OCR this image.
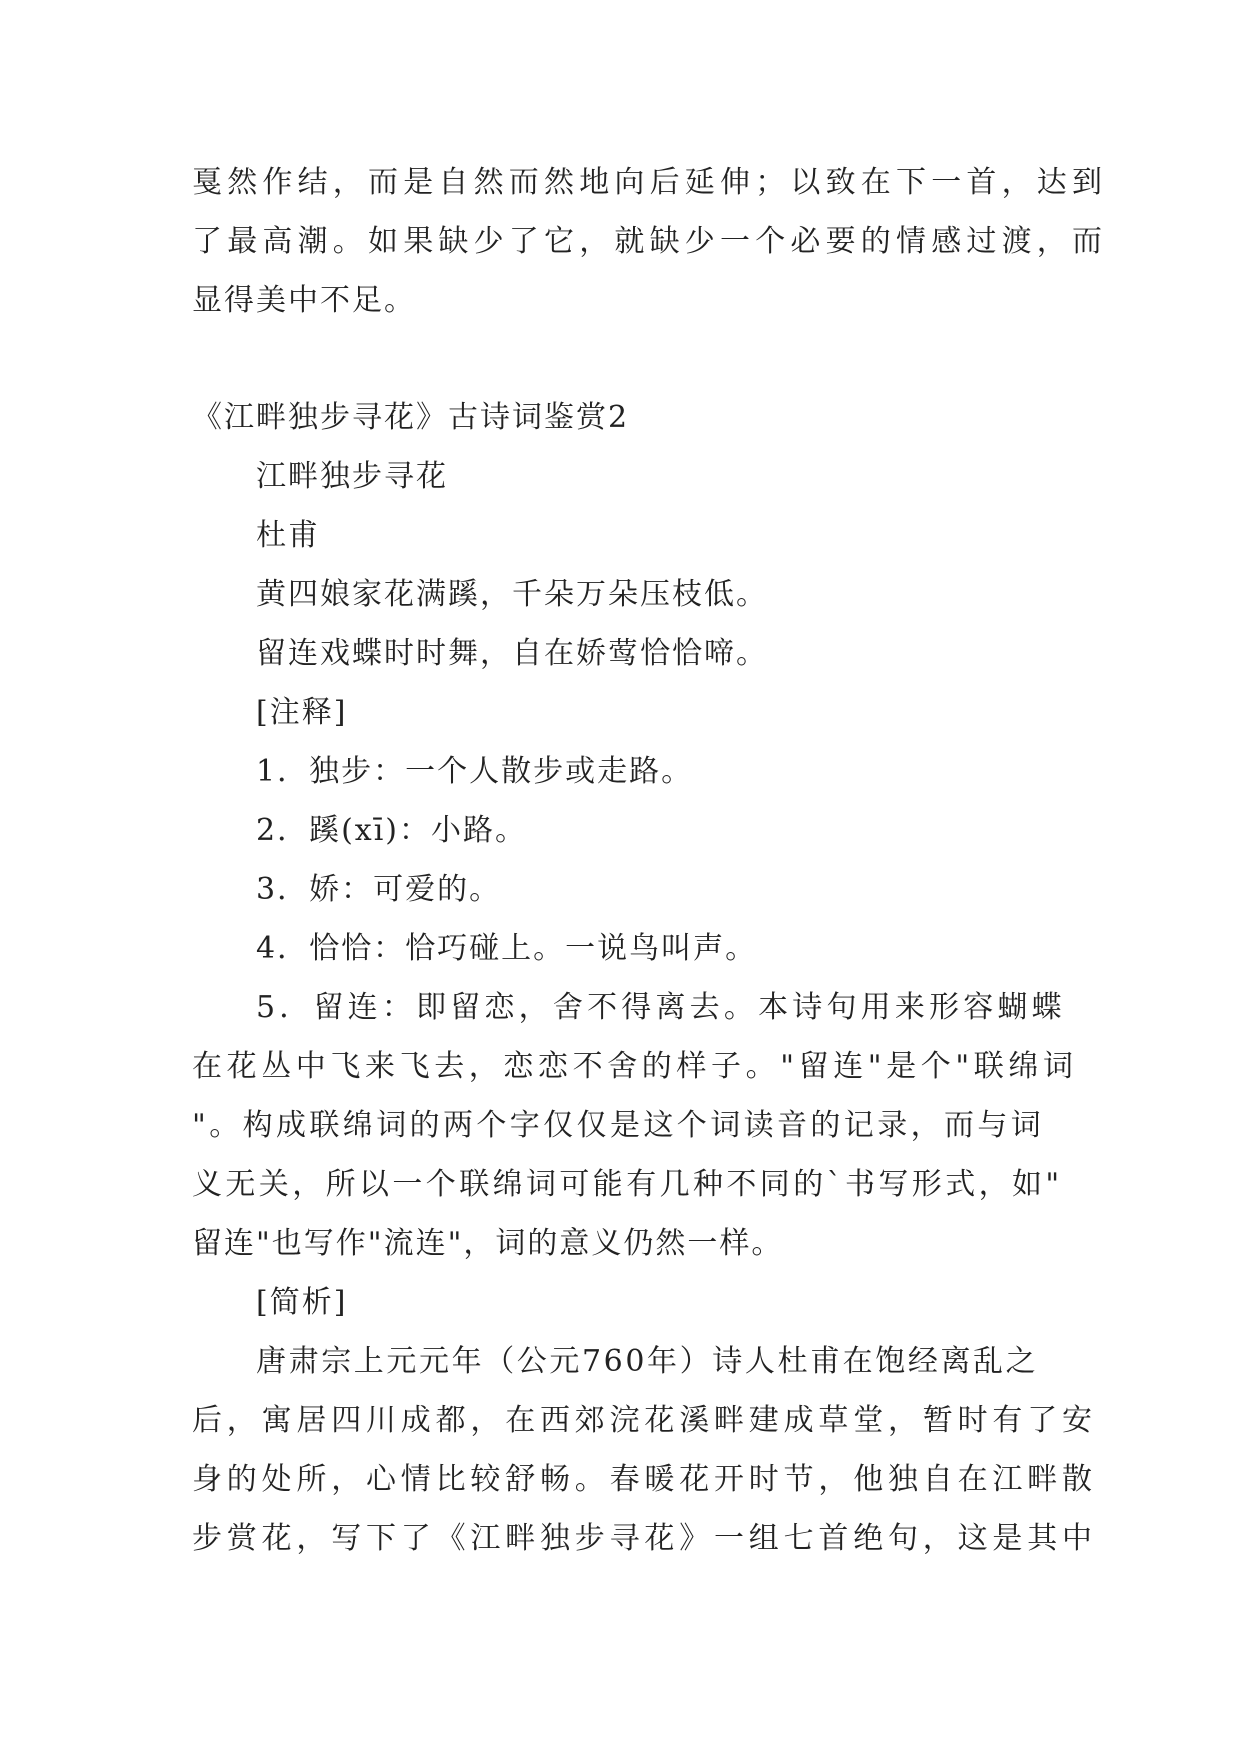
戛然作结，而是自然而然地向后延伸；以致在下一首，达到
了最高潮。如果缺少了它，就缺少一个必要的情感过渡，而
显得美中不足。
《江畔独步寻花》古诗词鉴赏2
江畔独步寻花
杜甫
黄四娘家花满蹊，千朵万朵压枝低。
留连戏蝶时时舞，自在娇莺恰恰啼。
[注释]
1．独步：一个人散步或走路。
2．蹊(xī)：小路。
3．娇：可爱的。
4．恰恰：恰巧碰上。一说鸟叫声。
5．留连：即留恋，舍不得离去。本诗句用来形容蝴蝶
在花丛中飞来飞去，恋恋不舍的样子。"留连"是个"联绵词
"。构成联绵词的两个字仅仅是这个词读音的记录，而与词
义无关，所以一个联绵词可能有几种不同的`书写形式，如"
留连"也写作"流连"，词的意义仍然一样。
[简析]
唐肃宗上元元年（公元760年）诗人杜甫在饱经离乱之
后，寓居四川成都，在西郊浣花溪畔建成草堂，暂时有了安
身的处所，心情比较舒畅。春暖花开时节，他独自在江畔散
步赏花，写下了《江畔独步寻花》一组七首绝句，这是其中
